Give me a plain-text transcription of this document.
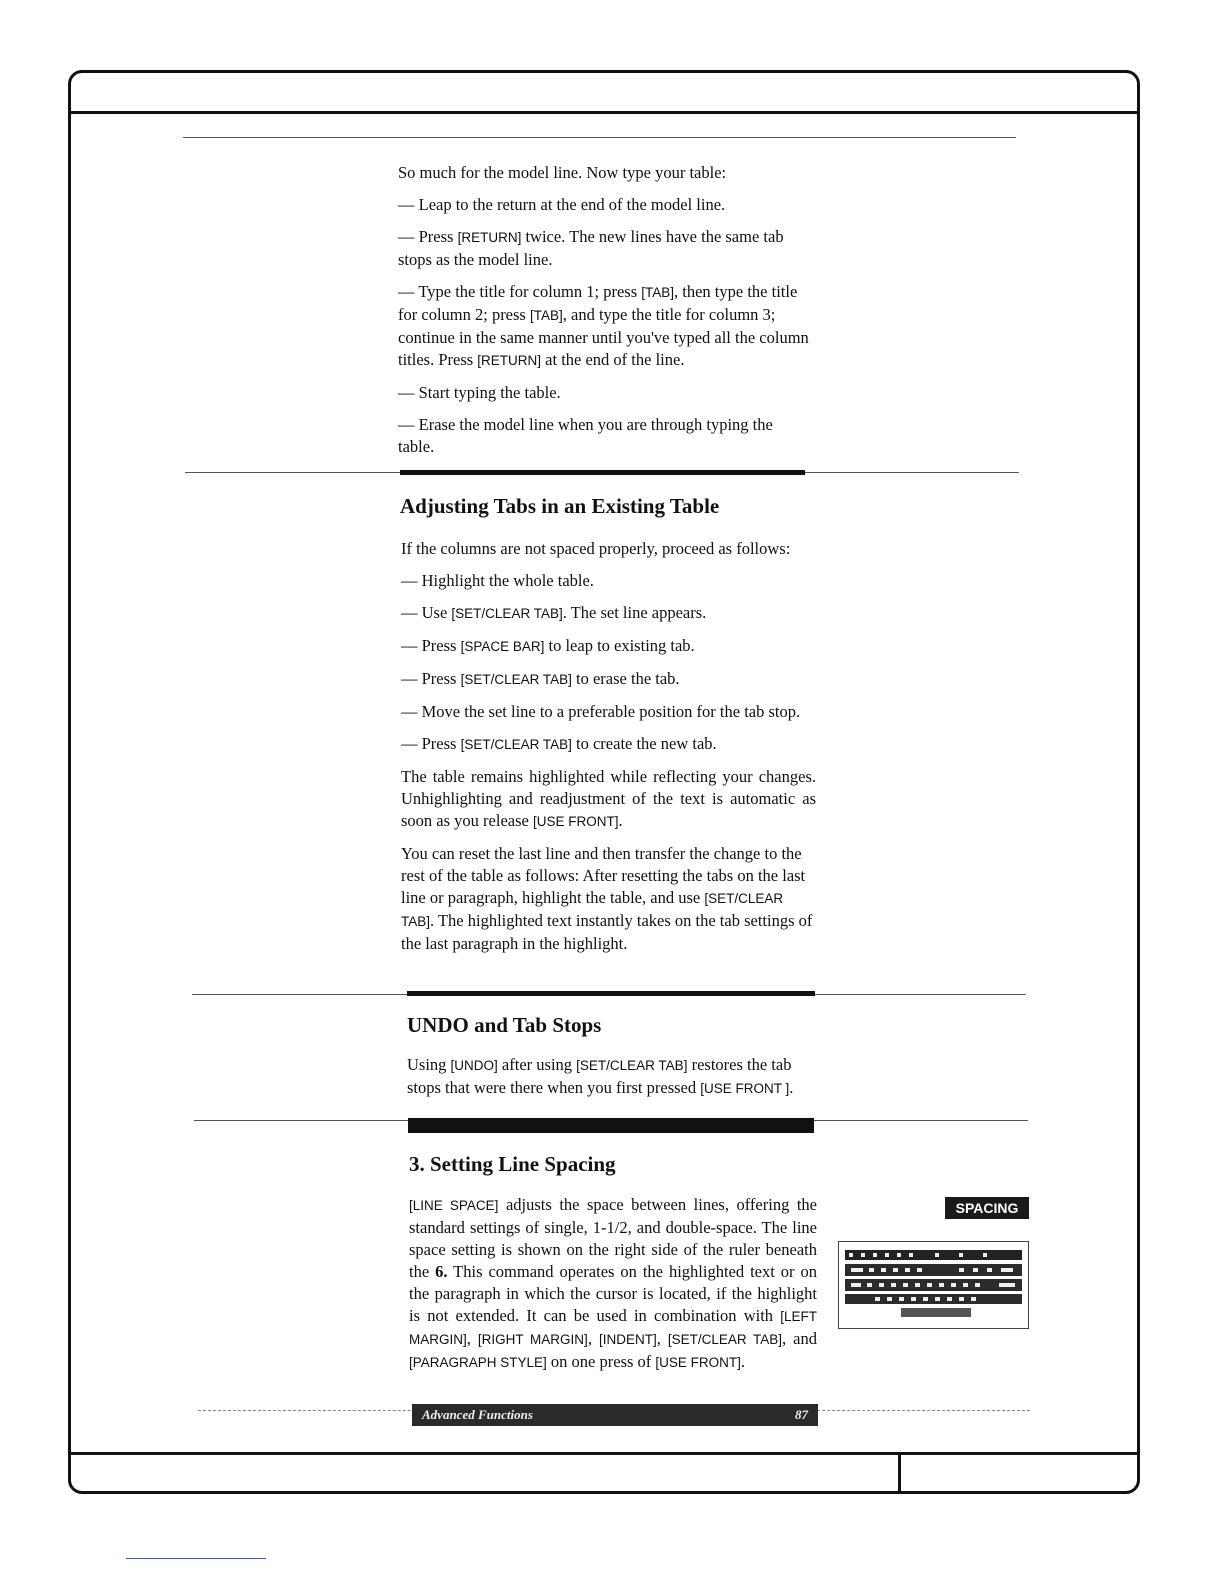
So much for the model line. Now type your table:

— Leap to the return at the end of the model line.

— Press [RETURN] twice. The new lines have the same tab stops as the model line.

— Type the title for column 1; press [TAB], then type the title for column 2; press [TAB], and type the title for column 3; continue in the same manner until you've typed all the column titles. Press [RETURN] at the end of the line.

— Start typing the table.

— Erase the model line when you are through typing the table.

Adjusting Tabs in an Existing Table

If the columns are not spaced properly, proceed as follows:

— Highlight the whole table.

— Use [SET/CLEAR TAB]. The set line appears.

— Press [SPACE BAR] to leap to existing tab.

— Press [SET/CLEAR TAB] to erase the tab.

— Move the set line to a preferable position for the tab stop.

— Press [SET/CLEAR TAB] to create the new tab.

The table remains highlighted while reflecting your changes. Unhighlighting and readjustment of the text is automatic as soon as you release [USE FRONT].

You can reset the last line and then transfer the change to the rest of the table as follows: After resetting the tabs on the last line or paragraph, highlight the table, and use [SET/CLEAR TAB]. The highlighted text instantly takes on the tab settings of the last paragraph in the highlight.

UNDO and Tab Stops

Using [UNDO] after using [SET/CLEAR TAB] restores the tab stops that were there when you first pressed [USE FRONT ].

3. Setting Line Spacing

[LINE SPACE] adjusts the space between lines, offering the standard settings of single, 1-1/2, and double-space. The line space setting is shown on the right side of the ruler beneath the 6. This command operates on the highlighted text or on the paragraph in which the cursor is located, if the highlight is not extended. It can be used in combination with [LEFT MARGIN], [RIGHT MARGIN], [INDENT], [SET/CLEAR TAB], and [PARAGRAPH STYLE] on one press of [USE FRONT].

SPACING
Advanced Functions	87
